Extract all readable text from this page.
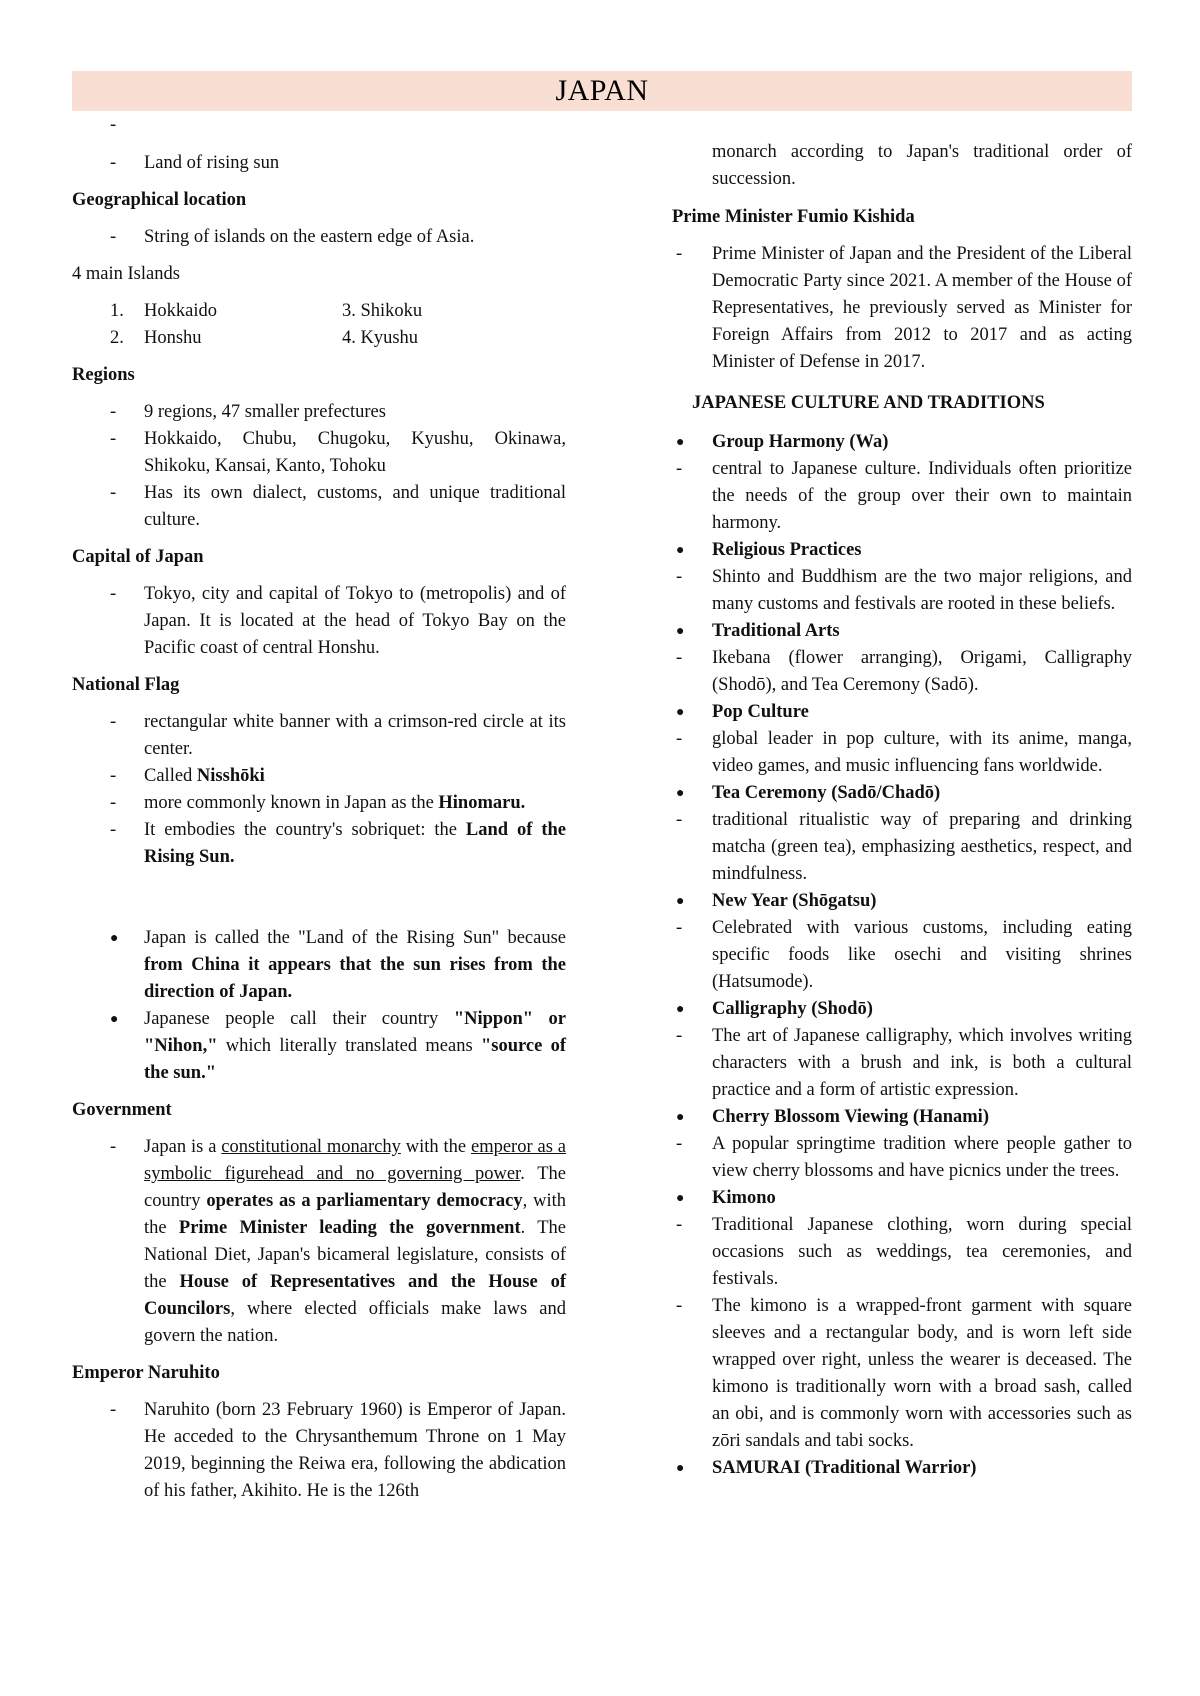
JAPAN
-

- Land of rising sun
Geographical location
- String of islands on the eastern edge of Asia.
4 main Islands
1. Hokkaido	3. Shikoku
2. Honshu	4. Kyushu
Regions
- 9 regions, 47 smaller prefectures
- Hokkaido, Chubu, Chugoku, Kyushu, Okinawa, Shikoku, Kansai, Kanto, Tohoku
- Has its own dialect, customs, and unique traditional culture.
Capital of Japan
- Tokyo, city and capital of Tokyo to (metropolis) and of Japan. It is located at the head of Tokyo Bay on the Pacific coast of central Honshu.
National Flag
- rectangular white banner with a crimson-red circle at its center.
- Called Nisshōki
- more commonly known in Japan as the Hinomaru.
- It embodies the country's sobriquet: the Land of the Rising Sun.
● Japan is called the "Land of the Rising Sun" because from China it appears that the sun rises from the direction of Japan.
● Japanese people call their country "Nippon" or "Nihon," which literally translated means "source of the sun."
Government
- Japan is a constitutional monarchy with the emperor as a symbolic figurehead and no governing power. The country operates as a parliamentary democracy, with the Prime Minister leading the government. The National Diet, Japan's bicameral legislature, consists of the House of Representatives and the House of Councilors, where elected officials make laws and govern the nation.
Emperor Naruhito
- Naruhito (born 23 February 1960) is Emperor of Japan. He acceded to the Chrysanthemum Throne on 1 May 2019, beginning the Reiwa era, following the abdication of his father, Akihito. He is the 126th
monarch according to Japan's traditional order of succession.
Prime Minister Fumio Kishida
- Prime Minister of Japan and the President of the Liberal Democratic Party since 2021. A member of the House of Representatives, he previously served as Minister for Foreign Affairs from 2012 to 2017 and as acting Minister of Defense in 2017.
JAPANESE CULTURE AND TRADITIONS
● Group Harmony (Wa)
- central to Japanese culture. Individuals often prioritize the needs of the group over their own to maintain harmony.
● Religious Practices
- Shinto and Buddhism are the two major religions, and many customs and festivals are rooted in these beliefs.
● Traditional Arts
- Ikebana (flower arranging), Origami, Calligraphy (Shodō), and Tea Ceremony (Sadō).
● Pop Culture
- global leader in pop culture, with its anime, manga, video games, and music influencing fans worldwide.
● Tea Ceremony (Sadō/Chadō)
- traditional ritualistic way of preparing and drinking matcha (green tea), emphasizing aesthetics, respect, and mindfulness.
● New Year (Shōgatsu)
- Celebrated with various customs, including eating specific foods like osechi and visiting shrines (Hatsumode).
● Calligraphy (Shodō)
- The art of Japanese calligraphy, which involves writing characters with a brush and ink, is both a cultural practice and a form of artistic expression.
● Cherry Blossom Viewing (Hanami)
- A popular springtime tradition where people gather to view cherry blossoms and have picnics under the trees.
● Kimono
- Traditional Japanese clothing, worn during special occasions such as weddings, tea ceremonies, and festivals.
- The kimono is a wrapped-front garment with square sleeves and a rectangular body, and is worn left side wrapped over right, unless the wearer is deceased. The kimono is traditionally worn with a broad sash, called an obi, and is commonly worn with accessories such as zōri sandals and tabi socks.
● SAMURAI (Traditional Warrior)
